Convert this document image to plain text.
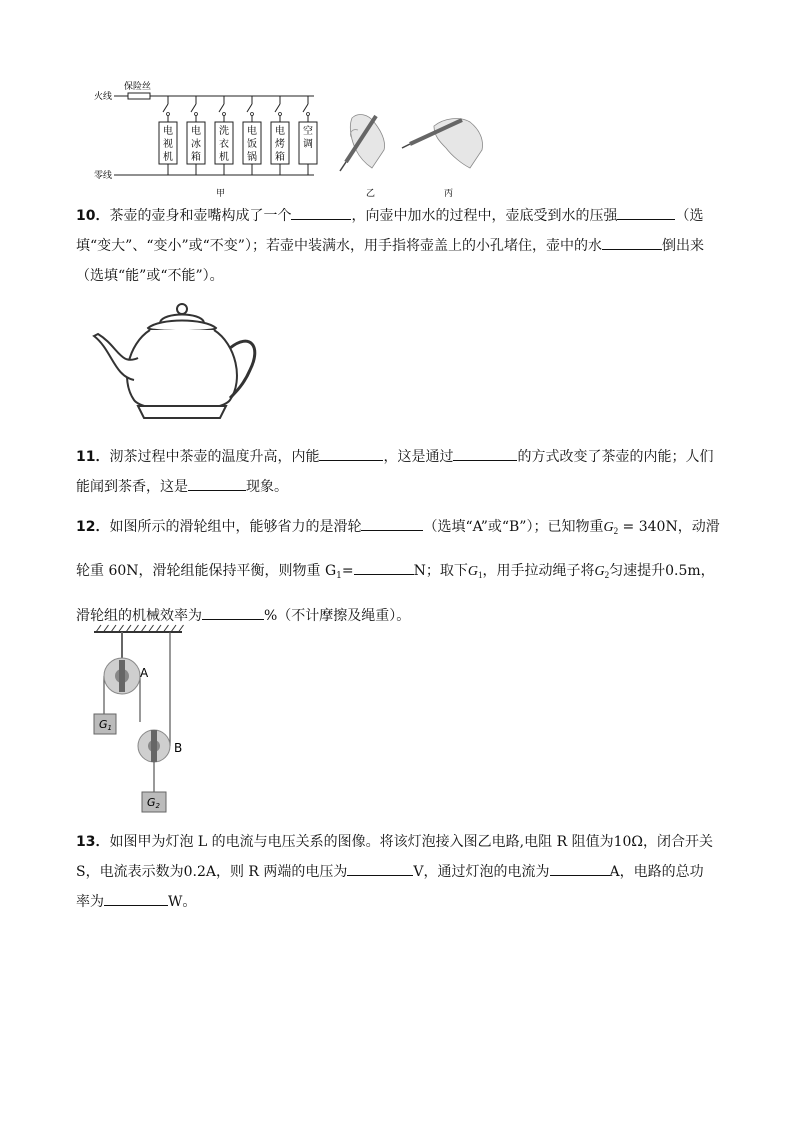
火线
保险丝
零线
电
视
机
电
冰
箱
洗
衣
机
电
饭
锅
电
烤
箱
空
调
甲	乙	丙
10．茶壶的壶身和壶嘴构成了一个	，向壶中加水的过程中，壶底受到水的压强	（选
填“变大”、“变小”或“不变”）；若壶中装满水，用手指将壶盖上的小孔堵住，壶中的水	倒出来
（选填“能”或“不能”）。
11．沏茶过程中茶壶的温度升高，内能	，这是通过	的方式改变了茶壶的内能；人们
能闻到茶香，这是	现象。
12．如图所示的滑轮组中，能够省力的是滑轮	（选填“A”或“B”）；已知物重$G_2 = 340N$，动滑
轮重 60N，滑轮组能保持平衡，则物重 $G_1=$	N；取下$G_1$，用手拉动绳子将$G_2$匀速提升0.5m，
滑轮组的机械效率为	%（不计摩擦及绳重）。
A
G1
B
G2
13．如图甲为灯泡 L 的电流与电压关系的图像。将该灯泡接入图乙电路,电阻 R 阻值为10Ω，闭合开关
S，电流表示数为0.2A，则 R 两端的电压为	V，通过灯泡的电流为	A，电路的总功
率为	W。
